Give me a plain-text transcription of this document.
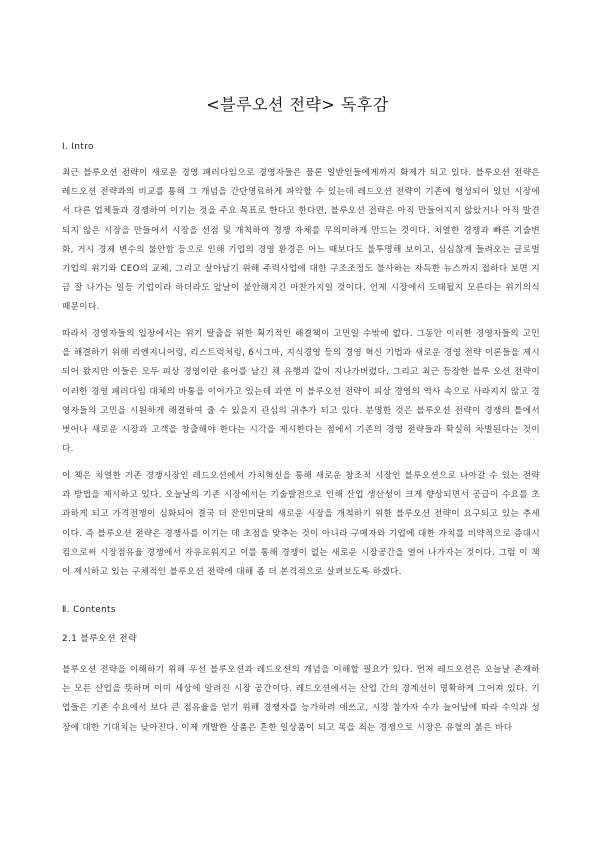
<블루오션 전략> 독후감
Ⅰ. Intro
최근 블루오션 전략이 새로운 경영 패러다임으로 경영자들은 물론 일반인들에게까지 화제가 되고 있다. 블루오션 전략은 레드오션 전략과의 비교를 통해 그 개념을 간단명료하게 파악할 수 있는데 레드오션 전략이 기존에 형성되어 있던 시장에서 다른 업체들과 경쟁하여 이기는 것을 주요 목표로 한다고 한다면, 블루오션 전략은 아직 만들어지지 않았거나 아직 발견되지 않은 시장을 만들어서 시장을 선점 및 개척하여 경쟁 자체를 무의미하게 만드는 것이다. 치열한 경쟁과 빠른 기술변화, 거시 경제 변수의 불안함 등으로 인해 기업의 경영 환경은 어느 때보다도 불투명해 보이고, 심심찮게 들려오는 글로벌 기업의 위기와 CEO의 교체, 그리고 살아남기 위해 주력사업에 대한 구조조정도 불사하는 자득한 뉴스까지 접하다 보면 지금 잘 나가는 일등 기업이라 하더라도 앞날이 불안해지긴 마찬가지일 것이다. 언제 시장에서 도태될지 모른다는 위기의식 때문이다.
따라서 경영자들의 입장에서는 위기 탈출을 위한 획기적인 해결책이 고민일 수밖에 없다. 그동안 이러한 경영자들의 고민을 해결하기 위해 리엔지니어링, 리스트럭처링, 6시그마, 지식경영 등의 경영 혁신 기법과 새로운 경영 전략 이론들을 제시되어 왔지만 이들은 모두 피상 경영이란 용어를 남긴 채 유행과 같이 지나가버렸다. 그리고 최근 등장한 블루 오션 전략이 이러한 경영 패러다임 대체의 바통을 이어가고 있는데 과연 이 블루오션 전략이 피상 경영의 역사 속으로 사라지지 않고 경영자들의 고민을 시원하게 해결하여 줄 수 있을지 관심의 귀추가 되고 있다. 분명한 것은 블루오션 전략이 경쟁의 틀에서 벗어나 새로운 시장과 고객을 창출해야 한다는 시각을 제시한다는 점에서 기존의 경영 전략들과 확실히 차별된다는 것이다.
이 책은 치열한 기존 경쟁시장인 레드오션에서 가치혁신을 통해 새로운 창조적 시장인 블루오션으로 나아갈 수 있는 전략과 방법을 제시하고 있다. 오늘날의 기존 시장에서는 기술발전으로 인해 산업 생산성이 크게 향상되면서 공급이 수요를 초과하게 되고 가격전쟁이 심화되어 결국 더 잔인미달의 새로운 시장을 개척하기 위한 블루오션 전략이 요구되고 있는 추세이다. 즉 블루오션 전략은 경쟁사를 이기는 데 초점을 맞추는 것이 아니라 구매자와 기업에 대한 가치를 비약적으로 증대시킴으로써 시장점유율 경쟁에서 자유로워지고 이를 통해 경쟁이 없는 새로운 시장공간을 열어 나가자는 것이다. 그럼 이 책이 제시하고 있는 구체적인 블루오션 전략에 대해 좀 더 본격적으로 살펴보도록 하겠다.
Ⅱ. Contents
2.1 블루오션 전략
블루오션 전략을 이해하기 위해 우선 블루오션과 레드오션의 개념을 이해할 필요가 있다. 먼저 레드오션은 오늘날 존재하는 모든 산업을 뜻하며 이미 세상에 알려진 시장 공간이다. 레드오션에서는 산업 간의 경계선이 명확하게 그어져 있다. 기업들은 기존 수요에서 보다 큰 점유율을 얻기 위해 경쟁자를 능가하려 애쓰고, 시장 참가자 수가 늘어남에 따라 수익과 성장에 대한 기대치는 낮아진다. 이제 개발한 상품은 흔한 일상품이 되고 목을 죄는 경쟁으로 시장은 유혈의 붉은 바다
